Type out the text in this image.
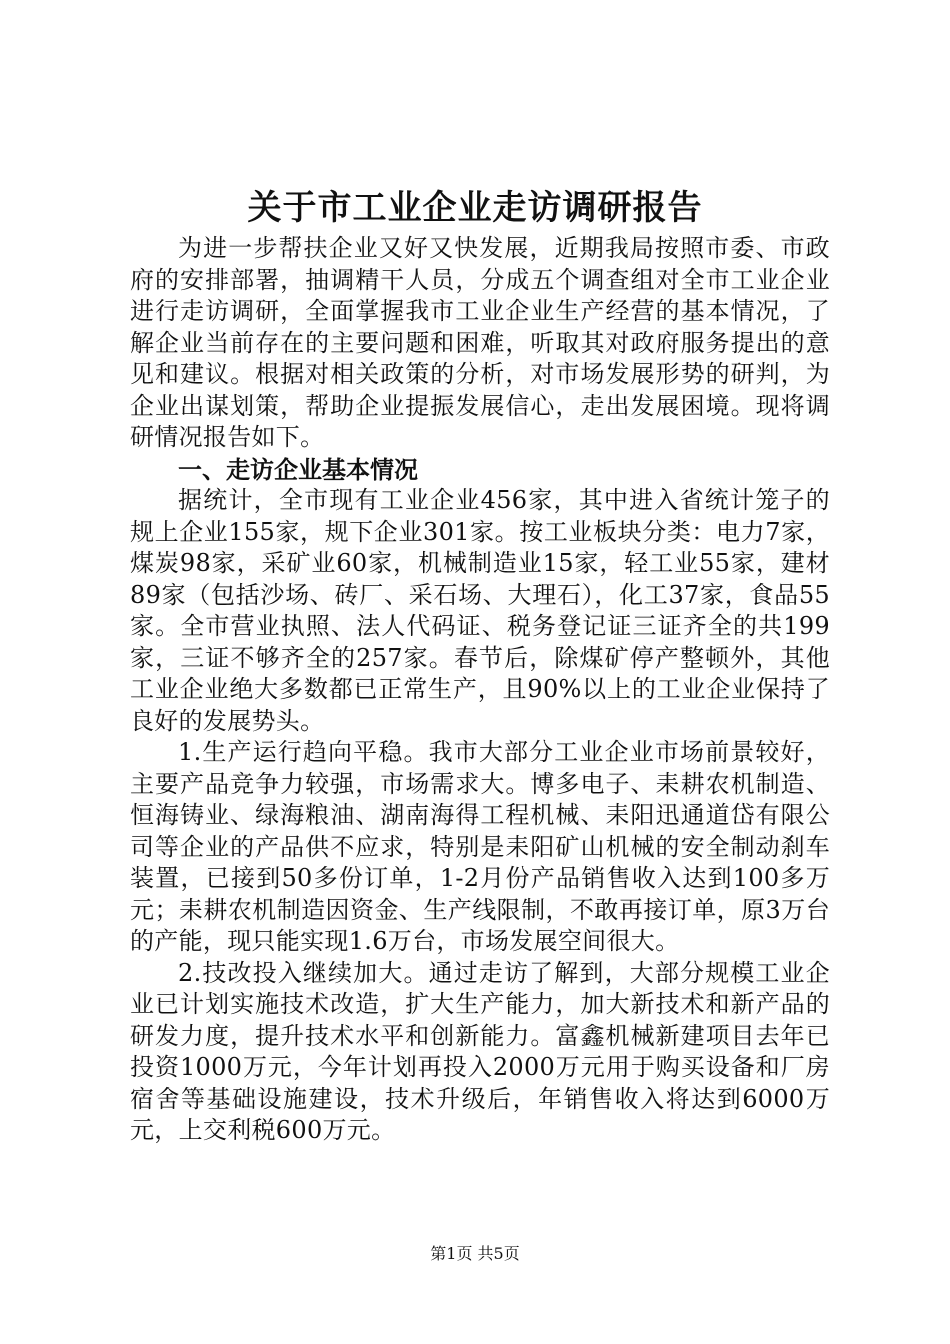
关于市工业企业走访调研报告

为进一步帮扶企业又好又快发展，近期我局按照市委、市政府的安排部署，抽调精干人员，分成五个调查组对全市工业企业进行走访调研，全面掌握我市工业企业生产经营的基本情况，了解企业当前存在的主要问题和困难，听取其对政府服务提出的意见和建议。根据对相关政策的分析，对市场发展形势的研判，为企业出谋划策，帮助企业提振发展信心，走出发展困境。现将调研情况报告如下。

一、走访企业基本情况

据统计，全市现有工业企业456家，其中进入省统计笼子的规上企业155家，规下企业301家。按工业板块分类：电力7家，煤炭98家，采矿业60家，机械制造业15家，轻工业55家，建材89家（包括沙场、砖厂、采石场、大理石），化工37家，食品55家。全市营业执照、法人代码证、税务登记证三证齐全的共199家，三证不够齐全的257家。春节后，除煤矿停产整顿外，其他工业企业绝大多数都已正常生产，且90%以上的工业企业保持了良好的发展势头。

1.生产运行趋向平稳。我市大部分工业企业市场前景较好，主要产品竞争力较强，市场需求大。博多电子、耒耕农机制造、恒海铸业、绿海粮油、湖南海得工程机械、耒阳迅通道岱有限公司等企业的产品供不应求，特别是耒阳矿山机械的安全制动刹车装置，已接到50多份订单，1-2月份产品销售收入达到100多万元；耒耕农机制造因资金、生产线限制，不敢再接订单，原3万台的产能，现只能实现1.6万台，市场发展空间很大。

2.技改投入继续加大。通过走访了解到，大部分规模工业企业已计划实施技术改造，扩大生产能力，加大新技术和新产品的研发力度，提升技术水平和创新能力。富鑫机械新建项目去年已投资1000万元，今年计划再投入2000万元用于购买设备和厂房宿舍等基础设施建设，技术升级后，年销售收入将达到6000万元，上交利税600万元。

第1页 共5页
